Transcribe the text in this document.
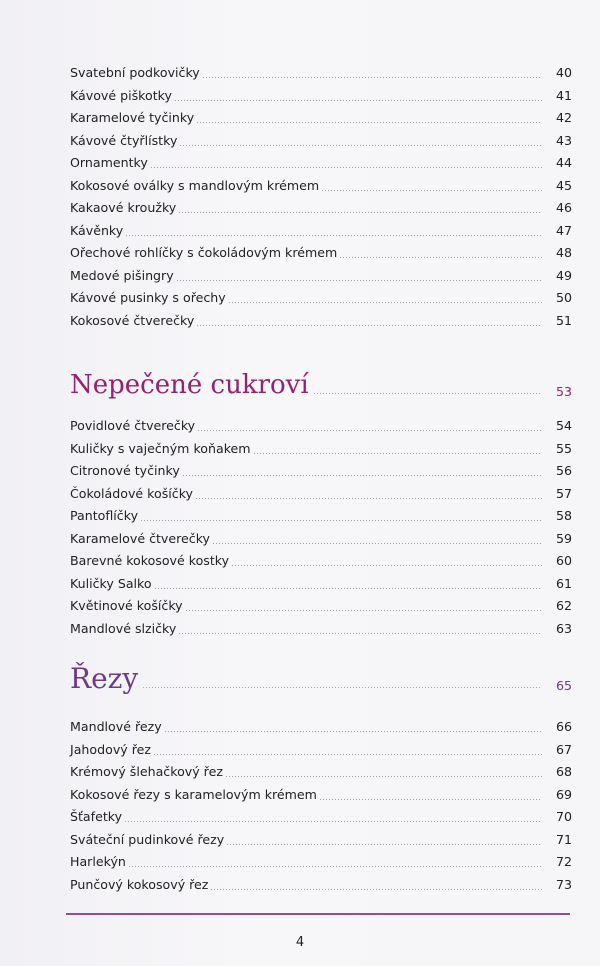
Svatební podkovičky	40
Kávové piškotky	41
Karamelové tyčinky	42
Kávové čtyřlístky	43
Ornamentky	44
Kokosové oválky s mandlovým krémem	45
Kakaové kroužky	46
Kávěnky	47
Ořechové rohlíčky s čokoládovým krémem	48
Medové pišingry	49
Kávové pusinky s ořechy	50
Kokosové čtverečky	51
Nepečené cukroví	53
Povidlové čtverečky	54
Kuličky s vaječným koňakem	55
Citronové tyčinky	56
Čokoládové košíčky	57
Pantoflíčky	58
Karamelové čtverečky	59
Barevné kokosové kostky	60
Kuličky Salko	61
Květinové košíčky	62
Mandlové slzičky	63
Řezy	65
Mandlové řezy	66
Jahodový řez	67
Krémový šlehačkový řez	68
Kokosové řezy s karamelovým krémem	69
Šťafetky	70
Sváteční pudinkové řezy	71
Harlekýn	72
Punčový kokosový řez	73
4
